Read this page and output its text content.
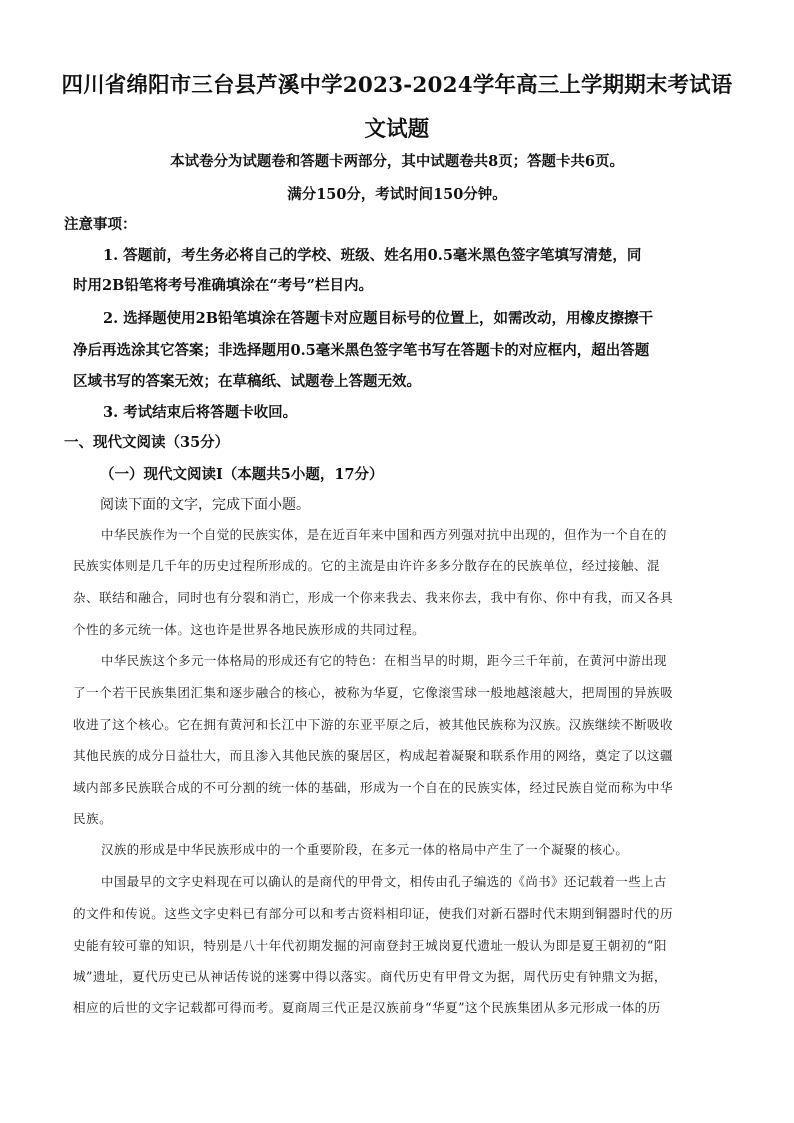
四川省绵阳市三台县芦溪中学2023-2024学年高三上学期期末考试语
文试题
本试卷分为试题卷和答题卡两部分，其中试题卷共8页；答题卡共6页。
满分150分，考试时间150分钟。
注意事项：
1. 答题前，考生务必将自己的学校、班级、姓名用0.5毫米黑色签字笔填写清楚，同
时用2B铅笔将考号准确填涂在“考号”栏目内。
2. 选择题使用2B铅笔填涂在答题卡对应题目标号的位置上，如需改动，用橡皮擦擦干
净后再选涂其它答案；非选择题用0.5毫米黑色签字笔书写在答题卡的对应框内，超出答题
区域书写的答案无效；在草稿纸、试题卷上答题无效。
3. 考试结束后将答题卡收回。
一、现代文阅读（35分）
（一）现代文阅读Ⅰ（本题共5小题，17分）
阅读下面的文字，完成下面小题。
中华民族作为一个自觉的民族实体，是在近百年来中国和西方列强对抗中出现的，但作为一个自在的
民族实体则是几千年的历史过程所形成的。它的主流是由许许多多分散存在的民族单位，经过接触、混
杂、联结和融合，同时也有分裂和消亡，形成一个你来我去、我来你去，我中有你、你中有我，而又各具
个性的多元统一体。这也许是世界各地民族形成的共同过程。
中华民族这个多元一体格局的形成还有它的特色：在相当早的时期，距今三千年前，在黄河中游出现
了一个若干民族集团汇集和逐步融合的核心，被称为华夏，它像滚雪球一般地越滚越大，把周围的异族吸
收进了这个核心。它在拥有黄河和长江中下游的东亚平原之后，被其他民族称为汉族。汉族继续不断吸收
其他民族的成分日益壮大，而且渗入其他民族的聚居区，构成起着凝聚和联系作用的网络，奠定了以这疆
域内部多民族联合成的不可分割的统一体的基础，形成为一个自在的民族实体，经过民族自觉而称为中华
民族。
汉族的形成是中华民族形成中的一个重要阶段，在多元一体的格局中产生了一个凝聚的核心。
中国最早的文字史料现在可以确认的是商代的甲骨文，相传由孔子编选的《尚书》还记载着一些上古
的文件和传说。这些文字史料已有部分可以和考古资料相印证，使我们对新石器时代末期到铜器时代的历
史能有较可靠的知识，特别是八十年代初期发掘的河南登封王城岗夏代遗址一般认为即是夏王朝初的“阳
城”遗址，夏代历史已从神话传说的迷雾中得以落实。商代历史有甲骨文为据，周代历史有钟鼎文为据，
相应的后世的文字记载都可得而考。夏商周三代正是汉族前身“华夏”这个民族集团从多元形成一体的历
